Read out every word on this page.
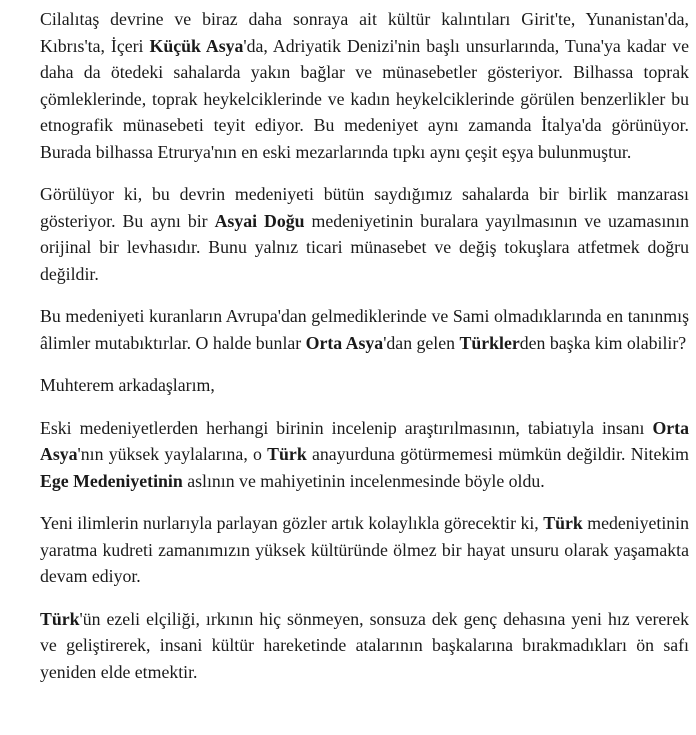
Cilalıtaş devrine ve biraz daha sonraya ait kültür kalıntıları Girit'te, Yunanistan'da, Kıbrıs'ta, İçeri Küçük Asya'da, Adriyatik Denizi'nin başlı unsurlarında, Tuna'ya kadar ve daha da ötedeki sahalarda yakın bağlar ve münasebetler gösteriyor. Bilhassa toprak çömleklerinde, toprak heykelciklerinde ve kadın heykelciklerinde görülen benzerlikler bu etnografik münasebeti teyit ediyor. Bu medeniyet aynı zamanda İtalya'da görünüyor. Burada bilhassa Etrurya'nın en eski mezarlarında tıpkı aynı çeşit eşya bulunmuştur.

Görülüyor ki, bu devrin medeniyeti bütün saydığımız sahalarda bir birlik manzarası gösteriyor. Bu aynı bir Asyai Doğu medeniyetinin buralara yayılmasının ve uzamasının orijinal bir levhasıdır. Bunu yalnız ticari münasebet ve değiş tokuşlara atfetmek doğru değildir.

Bu medeniyeti kuranların Avrupa'dan gelmediklerinde ve Sami olmadıklarında en tanınmış âlimler mutabıktırlar. O halde bunlar Orta Asya'dan gelen Türklerden başka kim olabilir?

Muhterem arkadaşlarım,

Eski medeniyetlerden herhangi birinin incelenip araştırılmasının, tabiatıyla insanı Orta Asya'nın yüksek yaylalarına, o Türk anayurduna götürmemesi mümkün değildir. Nitekim Ege Medeniyetinin aslının ve mahiyetinin incelenmesinde böyle oldu.

Yeni ilimlerin nurlarıyla parlayan gözler artık kolaylıkla görecektir ki, Türk medeniyetinin yaratma kudreti zamanımızın yüksek kültüründe ölmez bir hayat unsuru olarak yaşamakta devam ediyor.

Türk'ün ezeli elçiliği, ırkının hiç sönmeyen, sonsuza dek genç dehasına yeni hız vererek ve geliştirerek, insani kültür hareketinde atalarının başkalarına bırakmadıkları ön safı yeniden elde etmektir.
